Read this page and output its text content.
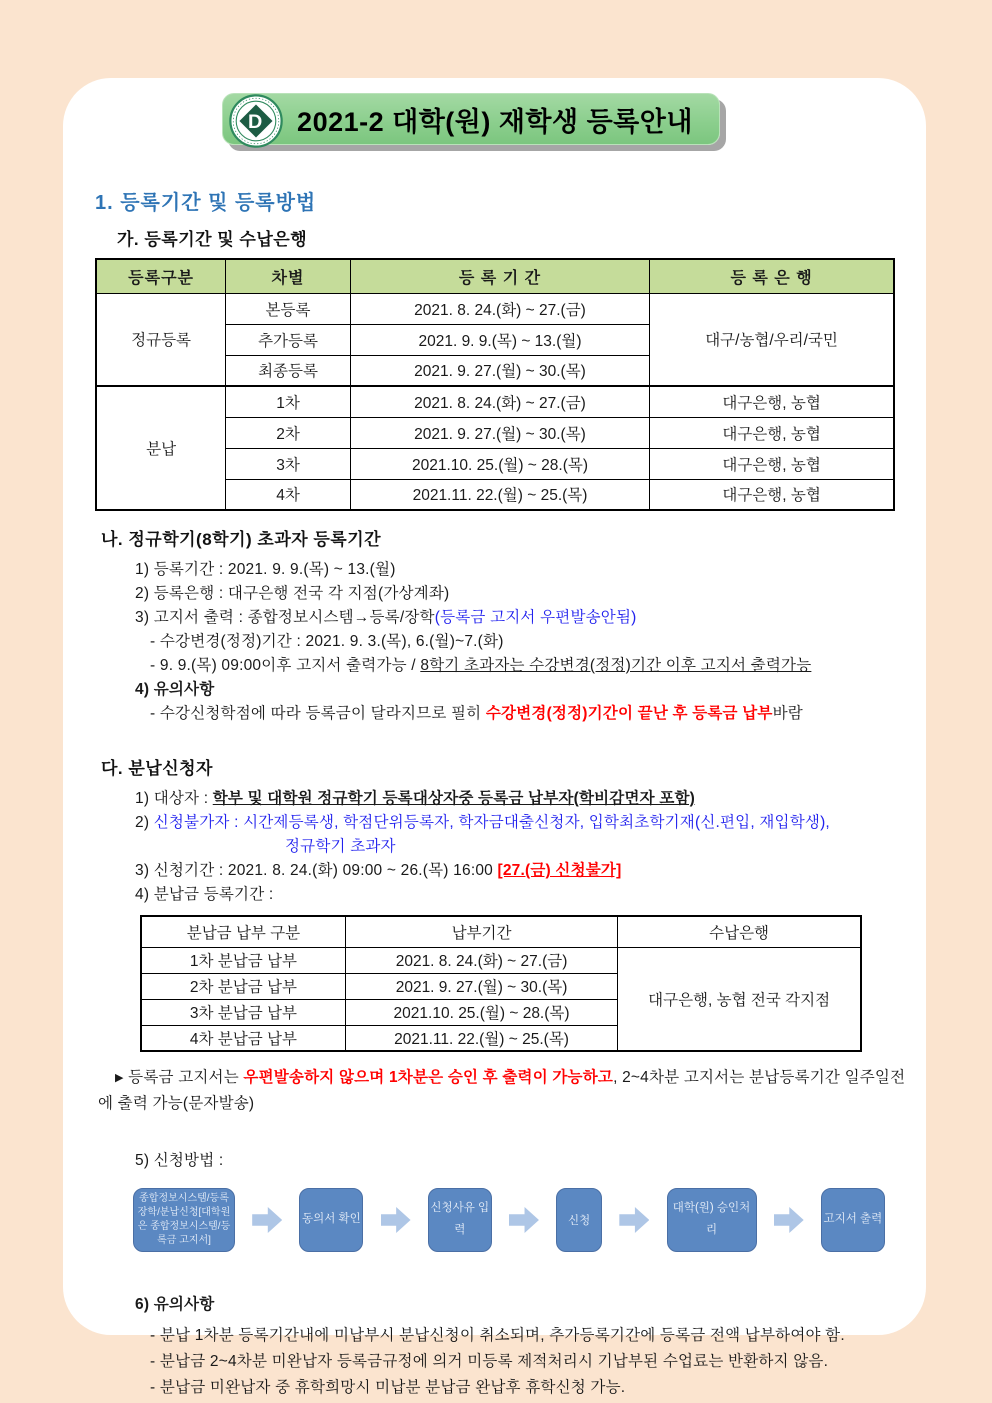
2021-2 대학(원) 재학생 등록안내
D
1. 등록기간 및 등록방법
가. 등록기간 및 수납은행
등록구분	차별	등 록 기 간	등 록 은 행
정규등록	본등록	2021. 8. 24.(화) ~ 27.(금)	대구/농협/우리/국민
	추가등록	2021. 9. 9.(목) ~ 13.(월)	
	최종등록	2021. 9. 27.(월) ~ 30.(목)	
분납	1차	2021. 8. 24.(화) ~ 27.(금)	대구은행, 농협
	2차	2021. 9. 27.(월) ~ 30.(목)	대구은행, 농협
	3차	2021.10. 25.(월) ~ 28.(목)	대구은행, 농협
	4차	2021.11. 22.(월) ~ 25.(목)	대구은행, 농협
나. 정규학기(8학기) 초과자 등록기간
1) 등록기간 : 2021. 9. 9.(목) ~ 13.(월)
2) 등록은행 : 대구은행 전국 각 지점(가상계좌)
3) 고지서 출력 : 종합정보시스템→등록/장학(등록금 고지서 우편발송안됨)
- 수강변경(정정)기간 : 2021. 9. 3.(목), 6.(월)~7.(화)
- 9. 9.(목) 09:00이후 고지서 출력가능 / 8학기 초과자는 수강변경(정정)기간 이후 고지서 출력가능
4) 유의사항
- 수강신청학점에 따라 등록금이 달라지므로 필히 수강변경(정정)기간이 끝난 후 등록금 납부바람
다. 분납신청자
1) 대상자 : 학부 및 대학원 정규학기 등록대상자중 등록금 납부자(학비감면자 포함)
2) 신청불가자 : 시간제등록생, 학점단위등록자, 학자금대출신청자, 입학최초학기재(신.편입, 재입학생),
정규학기 초과자
3) 신청기간 : 2021. 8. 24.(화) 09:00 ~ 26.(목) 16:00 [27.(금) 신청불가]
4) 분납금 등록기간 :
분납금 납부 구분	납부기간	수납은행
1차 분납금 납부	2021. 8. 24.(화) ~ 27.(금)	대구은행, 농협 전국 각지점
2차 분납금 납부	2021. 9. 27.(월) ~ 30.(목)	
3차 분납금 납부	2021.10. 25.(월) ~ 28.(목)	
4차 분납금 납부	2021.11. 22.(월) ~ 25.(목)	
▶ 등록금 고지서는 우편발송하지 않으며 1차분은 승인 후 출력이 가능하고, 2~4차분 고지서는 분납등록기간 일주일전에 출력 가능(문자발송)
5) 신청방법 :
종합정보시스템/등록장학/분납신청[대학원은 종합정보시스템/등록금 고지서]
동의서 확인
신청사유 입력
신청
대학(원) 승인처리
고지서 출력
6) 유의사항
- 분납 1차분 등록기간내에 미납부시 분납신청이 취소되며, 추가등록기간에 등록금 전액 납부하여야 함.
- 분납금 2~4차분 미완납자 등록금규정에 의거 미등록 제적처리시 기납부된 수업료는 반환하지 않음.
- 분납금 미완납자 중 휴학희망시 미납분 분납금 완납후 휴학신청 가능.
